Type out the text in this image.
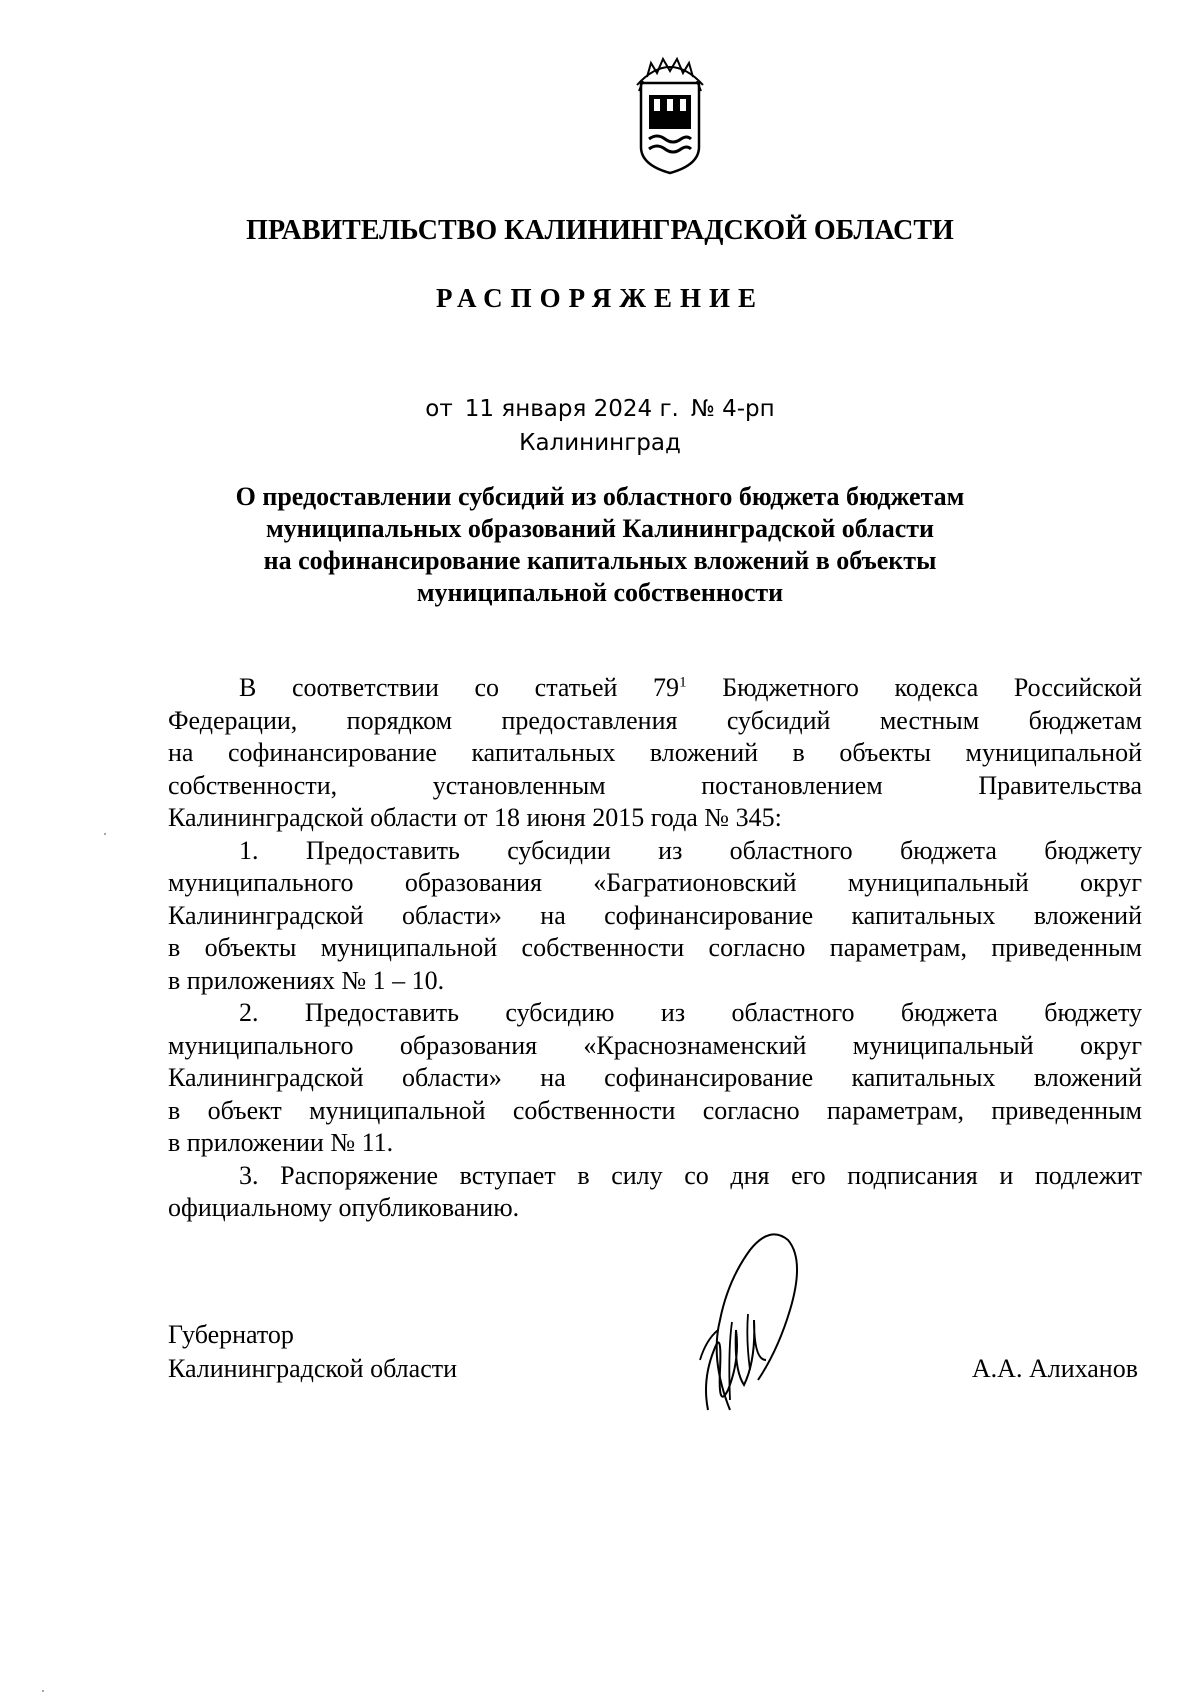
ПРАВИТЕЛЬСТВО КАЛИНИНГРАДСКОЙ ОБЛАСТИ
РАСПОРЯЖЕНИЕ
от 11 января 2024 г. № 4-рп
Калининград
О предоставлении субсидий из областного бюджета бюджетам
муниципальных образований Калининградской области
на софинансирование капитальных вложений в объекты
муниципальной собственности
В соответствии со статьей $79^1$ Бюджетного кодекса Российской
Федерации, порядком предоставления субсидий местным бюджетам
на софинансирование капитальных вложений в объекты муниципальной
собственности, установленным постановлением Правительства
Калининградской области от 18 июня 2015 года № 345:
1. Предоставить субсидии из областного бюджета бюджету
муниципального образования «Багратионовский муниципальный округ
Калининградской области» на софинансирование капитальных вложений
в объекты муниципальной собственности согласно параметрам, приведенным
в приложениях № 1 – 10.
2. Предоставить субсидию из областного бюджета бюджету
муниципального образования «Краснознаменский муниципальный округ
Калининградской области» на софинансирование капитальных вложений
в объект муниципальной собственности согласно параметрам, приведенным
в приложении № 11.
3. Распоряжение вступает в силу со дня его подписания и подлежит
официальному опубликованию.
Губернатор
Калининградской области	А.А. Алиханов
